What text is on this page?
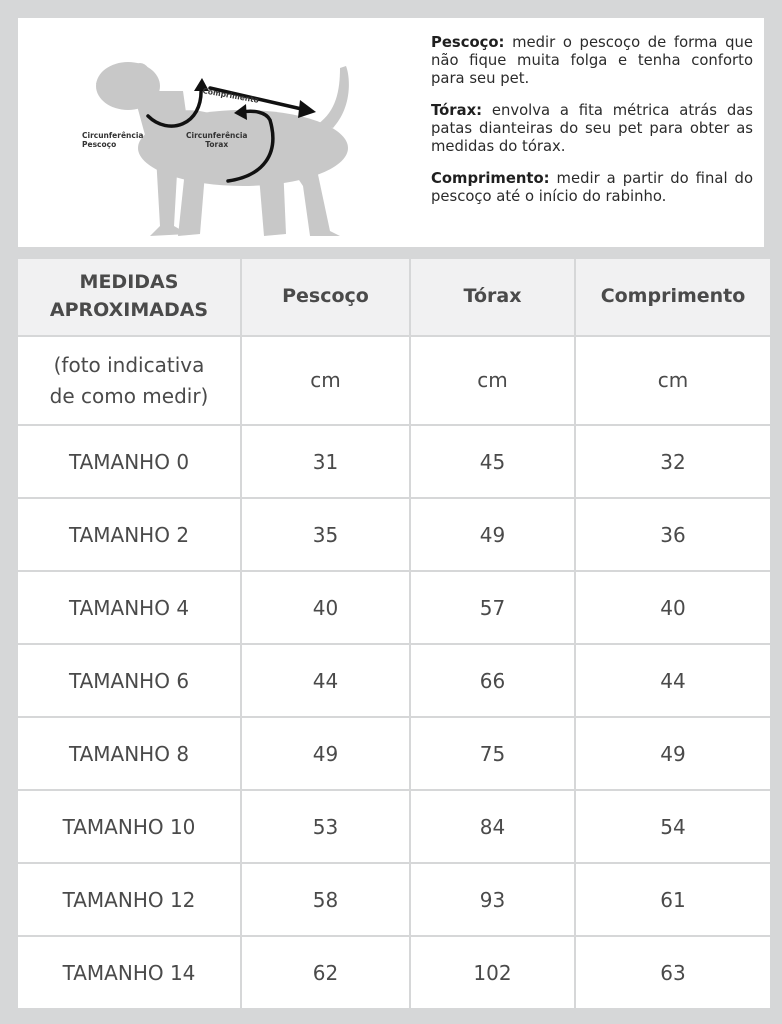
Comprimento
Circunferência
Pescoço
Circunferência
Torax

Pescoço: medir o pescoço de forma que não fique muita folga e tenha conforto para seu pet.

Tórax: envolva a fita métrica atrás das patas dianteiras do seu pet para obter as medidas do tórax.

Comprimento: medir a partir do final do pescoço até o início do rabinho.

MEDIDAS
APROXIMADAS
Pescoço	Tórax	Comprimento
(foto indicativa
de como medir)
cm	cm	cm
TAMANHO 0	31	45	32
TAMANHO 2	35	49	36
TAMANHO 4	40	57	40
TAMANHO 6	44	66	44
TAMANHO 8	49	75	49
TAMANHO 10	53	84	54
TAMANHO 12	58	93	61
TAMANHO 14	62	102	63
